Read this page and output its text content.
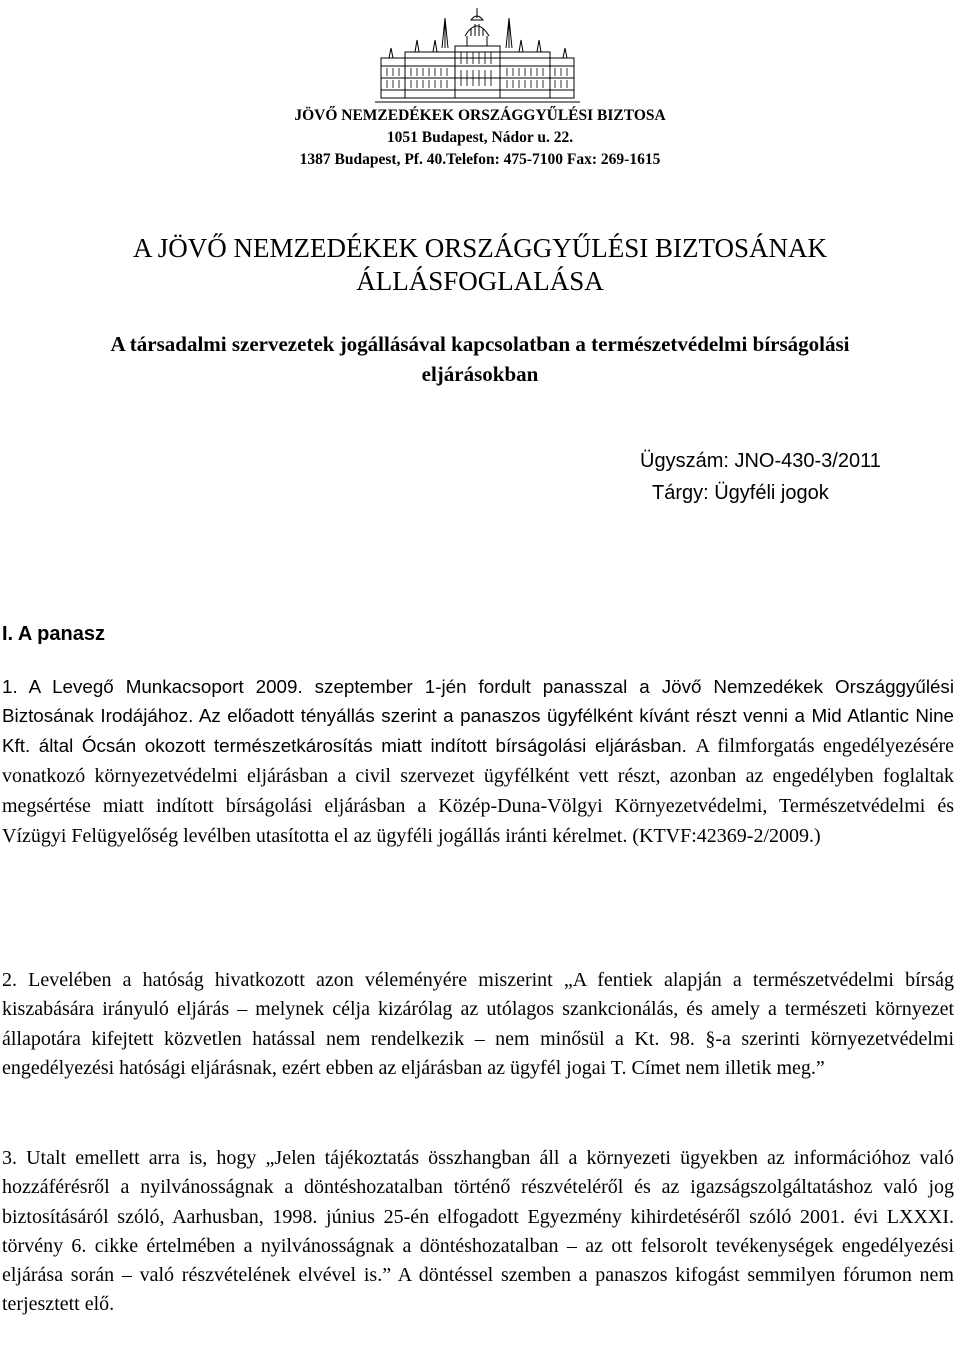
JÖVŐ NEMZEDÉKEK ORSZÁGGYŰLÉSI BIZTOSA
1051 Budapest, Nádor u. 22.
1387 Budapest, Pf. 40.Telefon: 475-7100 Fax: 269-1615
A JÖVŐ NEMZEDÉKEK ORSZÁGGYŰLÉSI BIZTOSÁNAK
ÁLLÁSFOGLALÁSA
A társadalmi szervezetek jogállásával kapcsolatban a természetvédelmi bírságolási
eljárásokban
Ügyszám: JNO-430-3/2011
Tárgy: Ügyféli jogok
I. A panasz
1. A Levegő Munkacsoport 2009. szeptember 1-jén fordult panasszal a Jövő Nemzedékek Országgyűlési Biztosának Irodájához. Az előadott tényállás szerint a panaszos ügyfélként kívánt részt venni a Mid Atlantic Nine Kft. által Ócsán okozott természetkárosítás miatt indított bírságolási eljárásban. A filmforgatás engedélyezésére vonatkozó környezetvédelmi eljárásban a civil szervezet ügyfélként vett részt, azonban az engedélyben foglaltak megsértése miatt indított bírságolási eljárásban a Közép-Duna-Völgyi Környezetvédelmi, Természetvédelmi és Vízügyi Felügyelőség levélben utasította el az ügyféli jogállás iránti kérelmet. (KTVF:42369-2/2009.)
2. Levelében a hatóság hivatkozott azon véleményére miszerint „A fentiek alapján a természetvédelmi bírság kiszabására irányuló eljárás – melynek célja kizárólag az utólagos szankcionálás, és amely a természeti környezet állapotára kifejtett közvetlen hatással nem rendelkezik – nem minősül a Kt. 98. §-a szerinti környezetvédelmi engedélyezési hatósági eljárásnak, ezért ebben az eljárásban az ügyfél jogai T. Címet nem illetik meg.”
3. Utalt emellett arra is, hogy „Jelen tájékoztatás összhangban áll a környezeti ügyekben az információhoz való hozzáférésről a nyilvánosságnak a döntéshozatalban történő részvételéről és az igazságszolgáltatáshoz való jog biztosításáról szóló, Aarhusban, 1998. június 25-én elfogadott Egyezmény kihirdetéséről szóló 2001. évi LXXXI. törvény 6. cikke értelmében a nyilvánosságnak a döntéshozatalban – az ott felsorolt tevékenységek engedélyezési eljárása során – való részvételének elvével is.” A döntéssel szemben a panaszos kifogást semmilyen fórumon nem terjesztett elő.
